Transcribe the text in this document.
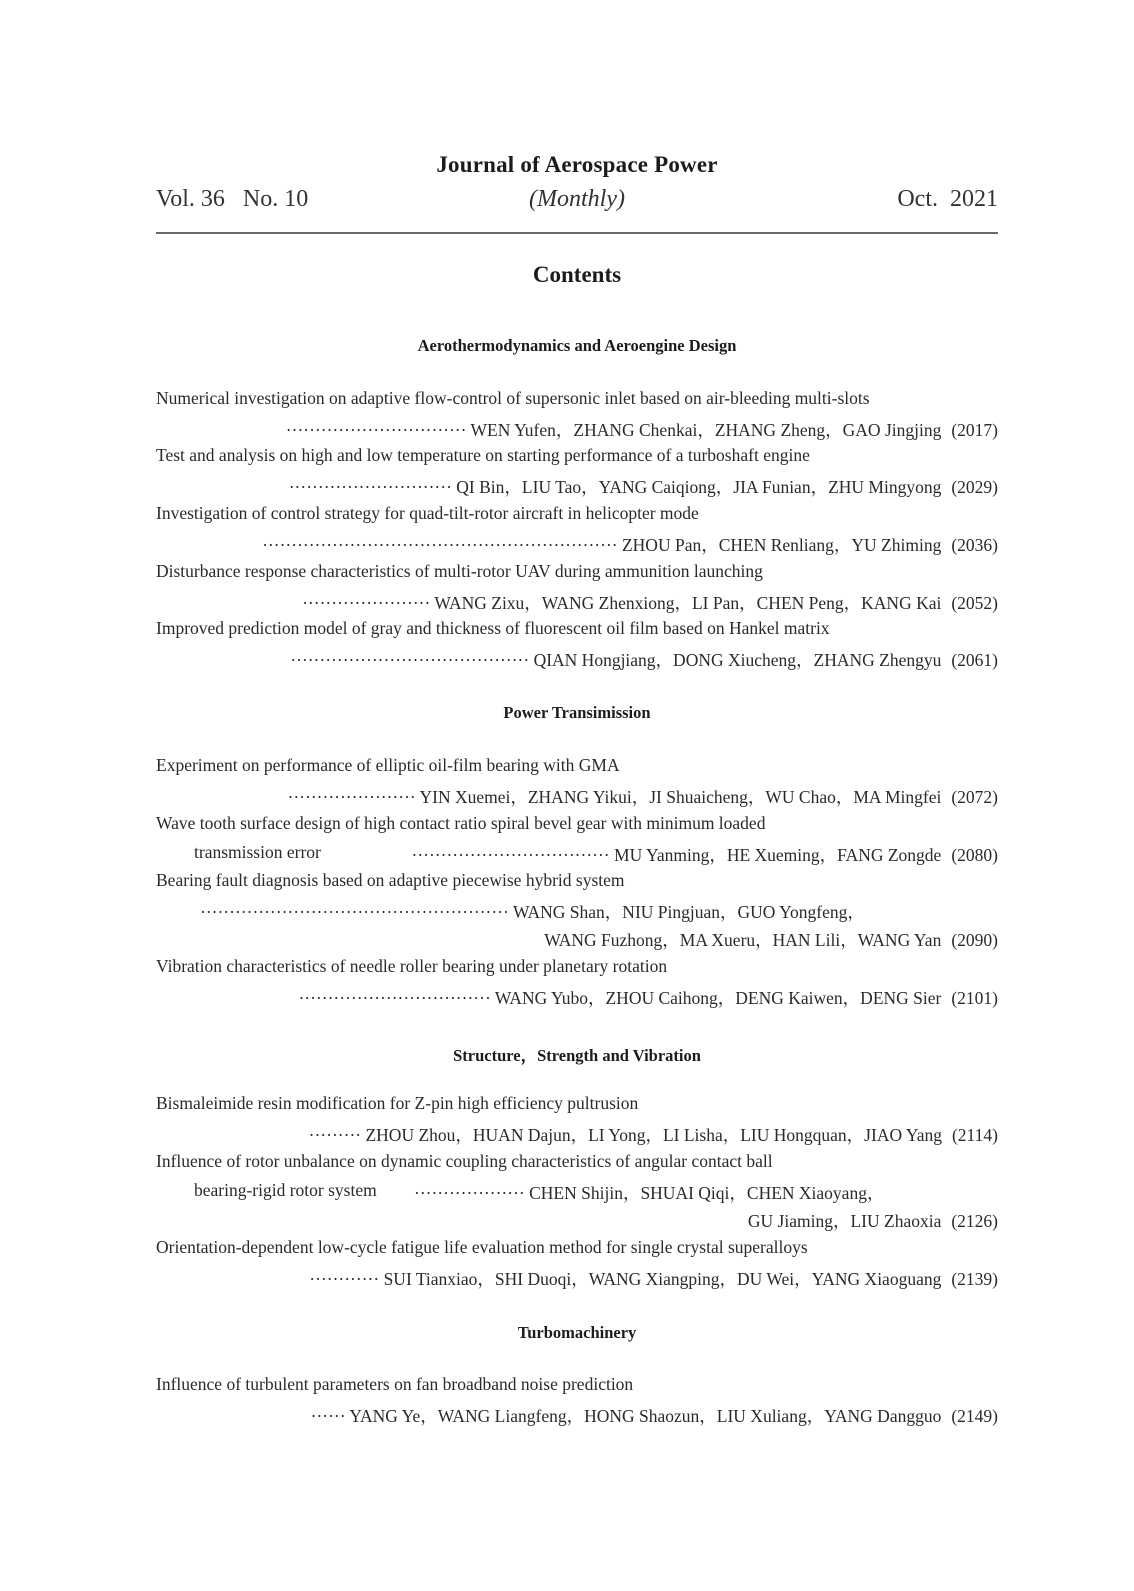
Journal of Aerospace Power
Vol. 36   No. 10	(Monthly)	Oct.  2021
Contents
Aerothermodynamics and Aeroengine Design
Numerical investigation on adaptive flow-control of supersonic inlet based on air-bleeding multi-slots
······························· WEN Yufen，ZHANG Chenkai，ZHANG Zheng，GAO Jingjing (2017)
Test and analysis on high and low temperature on starting performance of a turboshaft engine
···························· QI Bin，LIU Tao，YANG Caiqiong，JIA Funian，ZHU Mingyong (2029)
Investigation of control strategy for quad-tilt-rotor aircraft in helicopter mode
····························································· ZHOU Pan，CHEN Renliang，YU Zhiming (2036)
Disturbance response characteristics of multi-rotor UAV during ammunition launching
······················ WANG Zixu，WANG Zhenxiong，LI Pan，CHEN Peng，KANG Kai (2052)
Improved prediction model of gray and thickness of fluorescent oil film based on Hankel matrix
········································· QIAN Hongjiang，DONG Xiucheng，ZHANG Zhengyu (2061)
Power Transimission
Experiment on performance of elliptic oil-film bearing with GMA
······················ YIN Xuemei，ZHANG Yikui，JI Shuaicheng，WU Chao，MA Mingfei (2072)
Wave tooth surface design of high contact ratio spiral bevel gear with minimum loaded
transmission error	·································· MU Yanming，HE Xueming，FANG Zongde (2080)
Bearing fault diagnosis based on adaptive piecewise hybrid system
····················································· WANG Shan，NIU Pingjuan，GUO Yongfeng，
WANG Fuzhong，MA Xueru，HAN Lili，WANG Yan (2090)
Vibration characteristics of needle roller bearing under planetary rotation
································· WANG Yubo，ZHOU Caihong，DENG Kaiwen，DENG Sier (2101)
Structure，Strength and Vibration
Bismaleimide resin modification for Z-pin high efficiency pultrusion
········· ZHOU Zhou，HUAN Dajun，LI Yong，LI Lisha，LIU Hongquan，JIAO Yang (2114)
Influence of rotor unbalance on dynamic coupling characteristics of angular contact ball
bearing-rigid rotor system ··················· CHEN Shijin，SHUAI Qiqi，CHEN Xiaoyang，
GU Jiaming，LIU Zhaoxia (2126)
Orientation-dependent low-cycle fatigue life evaluation method for single crystal superalloys
············ SUI Tianxiao，SHI Duoqi，WANG Xiangping，DU Wei，YANG Xiaoguang (2139)
Turbomachinery
Influence of turbulent parameters on fan broadband noise prediction
······ YANG Ye，WANG Liangfeng，HONG Shaozun，LIU Xuliang，YANG Dangguo (2149)
